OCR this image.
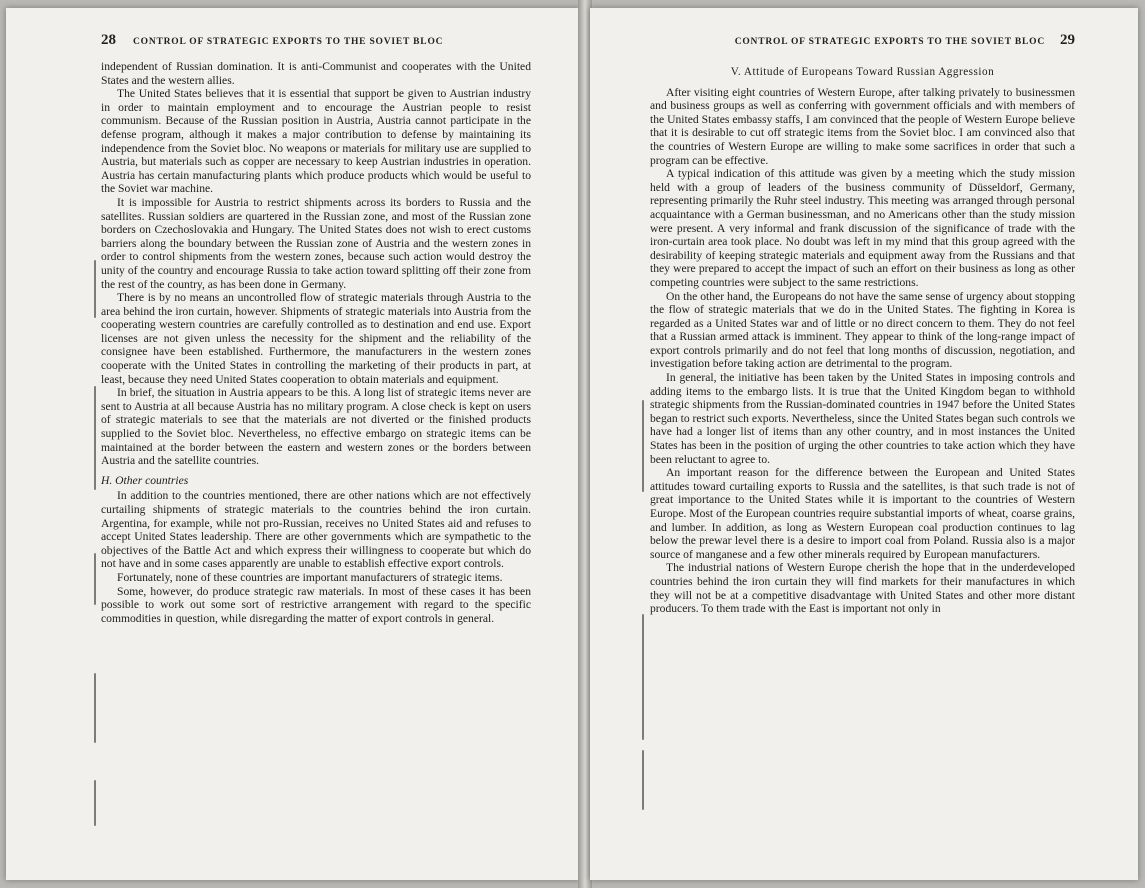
28 CONTROL OF STRATEGIC EXPORTS TO THE SOVIET BLOC

independent of Russian domination. It is anti-Communist and cooperates with the United States and the western allies.

The United States believes that it is essential that support be given to Austrian industry in order to maintain employment and to encourage the Austrian people to resist communism. Because of the Russian position in Austria, Austria cannot participate in the defense program, although it makes a major contribution to defense by maintaining its independence from the Soviet bloc. No weapons or materials for military use are supplied to Austria, but materials such as copper are necessary to keep Austrian industries in operation. Austria has certain manufacturing plants which produce products which would be useful to the Soviet war machine.

It is impossible for Austria to restrict shipments across its borders to Russia and the satellites. Russian soldiers are quartered in the Russian zone, and most of the Russian zone borders on Czechoslovakia and Hungary. The United States does not wish to erect customs barriers along the boundary between the Russian zone of Austria and the western zones in order to control shipments from the western zones, because such action would destroy the unity of the country and encourage Russia to take action toward splitting off their zone from the rest of the country, as has been done in Germany.

There is by no means an uncontrolled flow of strategic materials through Austria to the area behind the iron curtain, however. Shipments of strategic materials into Austria from the cooperating western countries are carefully controlled as to destination and end use. Export licenses are not given unless the necessity for the shipment and the reliability of the consignee have been established. Furthermore, the manufacturers in the western zones cooperate with the United States in controlling the marketing of their products in part, at least, because they need United States cooperation to obtain materials and equipment.

In brief, the situation in Austria appears to be this. A long list of strategic items never are sent to Austria at all because Austria has no military program. A close check is kept on users of strategic materials to see that the materials are not diverted or the finished products supplied to the Soviet bloc. Nevertheless, no effective embargo on strategic items can be maintained at the border between the eastern and western zones or the borders between Austria and the satellite countries.

H. Other countries

In addition to the countries mentioned, there are other nations which are not effectively curtailing shipments of strategic materials to the countries behind the iron curtain. Argentina, for example, while not pro-Russian, receives no United States aid and refuses to accept United States leadership. There are other governments which are sympathetic to the objectives of the Battle Act and which express their willingness to cooperate but which do not have and in some cases apparently are unable to establish effective export controls.

Fortunately, none of these countries are important manufacturers of strategic items.

Some, however, do produce strategic raw materials. In most of these cases it has been possible to work out some sort of restrictive arrangement with regard to the specific commodities in question, while disregarding the matter of export controls in general.

CONTROL OF STRATEGIC EXPORTS TO THE SOVIET BLOC 29

V. Attitude of Europeans Toward Russian Aggression

After visiting eight countries of Western Europe, after talking privately to businessmen and business groups as well as conferring with government officials and with members of the United States embassy staffs, I am convinced that the people of Western Europe believe that it is desirable to cut off strategic items from the Soviet bloc. I am convinced also that the countries of Western Europe are willing to make some sacrifices in order that such a program can be effective.

A typical indication of this attitude was given by a meeting which the study mission held with a group of leaders of the business community of Düsseldorf, Germany, representing primarily the Ruhr steel industry. This meeting was arranged through personal acquaintance with a German businessman, and no Americans other than the study mission were present. A very informal and frank discussion of the significance of trade with the iron-curtain area took place. No doubt was left in my mind that this group agreed with the desirability of keeping strategic materials and equipment away from the Russians and that they were prepared to accept the impact of such an effort on their business as long as other competing countries were subject to the same restrictions.

On the other hand, the Europeans do not have the same sense of urgency about stopping the flow of strategic materials that we do in the United States. The fighting in Korea is regarded as a United States war and of little or no direct concern to them. They do not feel that a Russian armed attack is imminent. They appear to think of the long-range impact of export controls primarily and do not feel that long months of discussion, negotiation, and investigation before taking action are detrimental to the program.

In general, the initiative has been taken by the United States in imposing controls and adding items to the embargo lists. It is true that the United Kingdom began to withhold strategic shipments from the Russian-dominated countries in 1947 before the United States began to restrict such exports. Nevertheless, since the United States began such controls we have had a longer list of items than any other country, and in most instances the United States has been in the position of urging the other countries to take action which they have been reluctant to agree to.

An important reason for the difference between the European and United States attitudes toward curtailing exports to Russia and the satellites, is that such trade is not of great importance to the United States while it is important to the countries of Western Europe. Most of the European countries require substantial imports of wheat, coarse grains, and lumber. In addition, as long as Western European coal production continues to lag below the prewar level there is a desire to import coal from Poland. Russia also is a major source of manganese and a few other minerals required by European manufacturers.

The industrial nations of Western Europe cherish the hope that in the underdeveloped countries behind the iron curtain they will find markets for their manufactures in which they will not be at a competitive disadvantage with United States and other more distant producers. To them trade with the East is important not only in
